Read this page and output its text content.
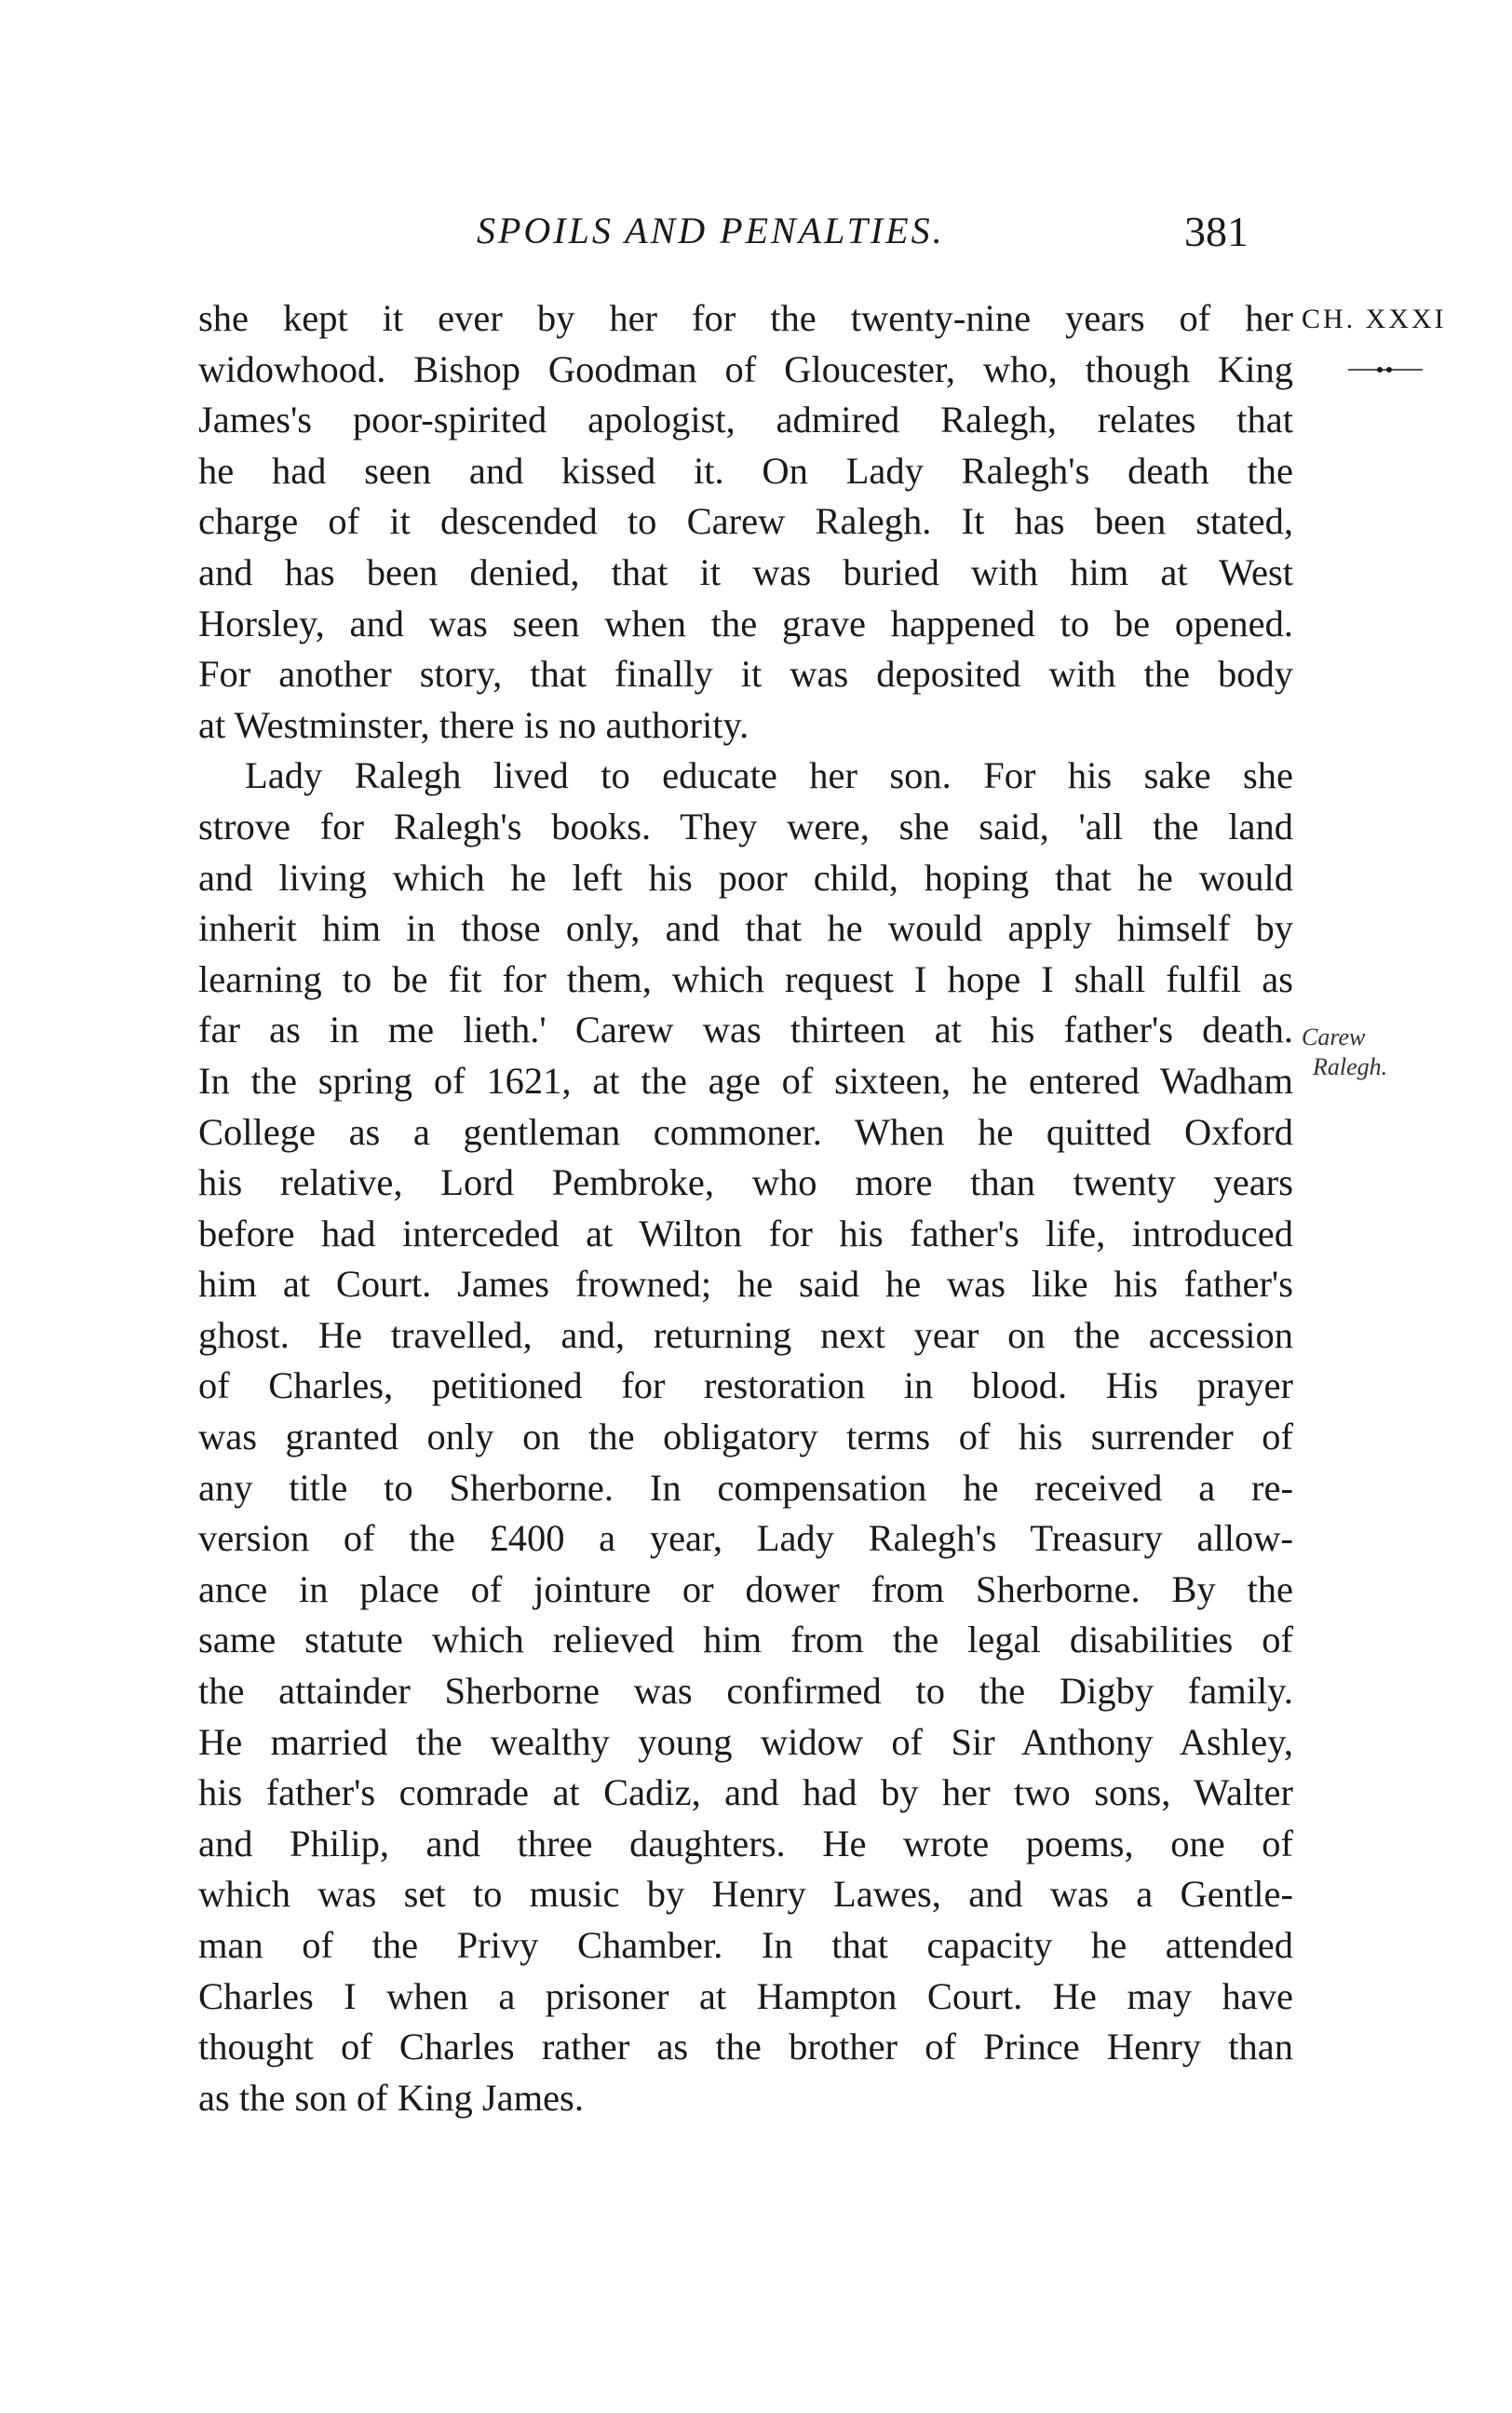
SPOILS AND PENALTIES.	381
CH. XXXI
Carew
Ralegh.
she kept it ever by her for the twenty-nine years of her
widowhood. Bishop Goodman of Gloucester, who, though King
James's poor-spirited apologist, admired Ralegh, relates that
he had seen and kissed it. On Lady Ralegh's death the
charge of it descended to Carew Ralegh. It has been stated,
and has been denied, that it was buried with him at West
Horsley, and was seen when the grave happened to be opened.
For another story, that finally it was deposited with the body
at Westminster, there is no authority.
Lady Ralegh lived to educate her son. For his sake she
strove for Ralegh's books. They were, she said, 'all the land
and living which he left his poor child, hoping that he would
inherit him in those only, and that he would apply himself by
learning to be fit for them, which request I hope I shall fulfil as
far as in me lieth.' Carew was thirteen at his father's death.
In the spring of 1621, at the age of sixteen, he entered Wadham
College as a gentleman commoner. When he quitted Oxford
his relative, Lord Pembroke, who more than twenty years
before had interceded at Wilton for his father's life, introduced
him at Court. James frowned; he said he was like his father's
ghost. He travelled, and, returning next year on the accession
of Charles, petitioned for restoration in blood. His prayer
was granted only on the obligatory terms of his surrender of
any title to Sherborne. In compensation he received a re-
version of the £400 a year, Lady Ralegh's Treasury allow-
ance in place of jointure or dower from Sherborne. By the
same statute which relieved him from the legal disabilities of
the attainder Sherborne was confirmed to the Digby family.
He married the wealthy young widow of Sir Anthony Ashley,
his father's comrade at Cadiz, and had by her two sons, Walter
and Philip, and three daughters. He wrote poems, one of
which was set to music by Henry Lawes, and was a Gentle-
man of the Privy Chamber. In that capacity he attended
Charles I when a prisoner at Hampton Court. He may have
thought of Charles rather as the brother of Prince Henry than
as the son of King James.
